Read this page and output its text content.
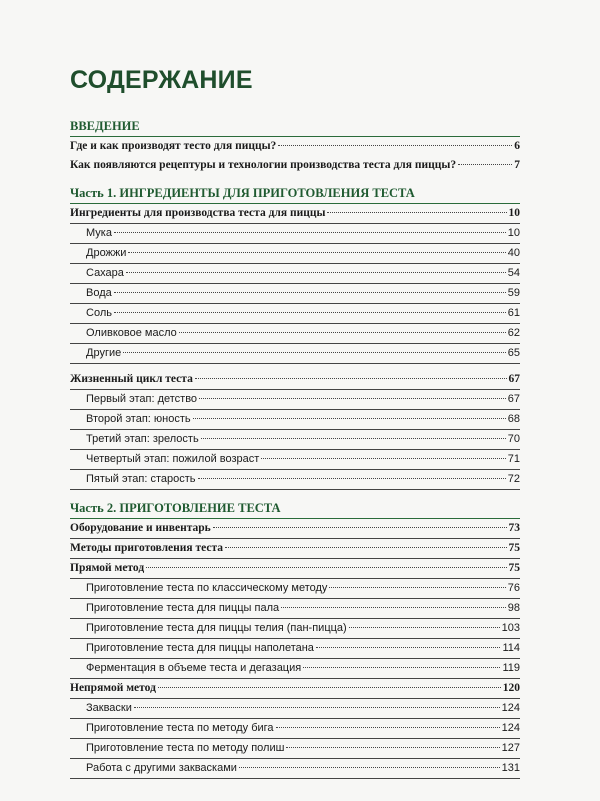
СОДЕРЖАНИЕ
ВВЕДЕНИЕ
Где и как производят тесто для пиццы?	6
Как появляются рецептуры и технологии производства теста для пиццы?	7
Часть 1. ИНГРЕДИЕНТЫ ДЛЯ ПРИГОТОВЛЕНИЯ ТЕСТА
Ингредиенты для производства теста для пиццы	10
Мука	10
Дрожжи	40
Сахара	54
Вода	59
Соль	61
Оливковое масло	62
Другие	65
Жизненный цикл теста	67
Первый этап: детство	67
Второй этап: юность	68
Третий этап: зрелость	70
Четвертый этап: пожилой возраст	71
Пятый этап: старость	72
Часть 2. ПРИГОТОВЛЕНИЕ ТЕСТА
Оборудование и инвентарь	73
Методы приготовления теста	75
Прямой метод	75
Приготовление теста по классическому методу	76
Приготовление теста для пиццы пала	98
Приготовление теста для пиццы телия (пан-пицца)	103
Приготовление теста для пиццы наполетана	114
Ферментация в объеме теста и дегазация	119
Непрямой метод	120
Закваски	124
Приготовление теста по методу бига	124
Приготовление теста по методу полиш	127
Работа с другими заквасками	131
